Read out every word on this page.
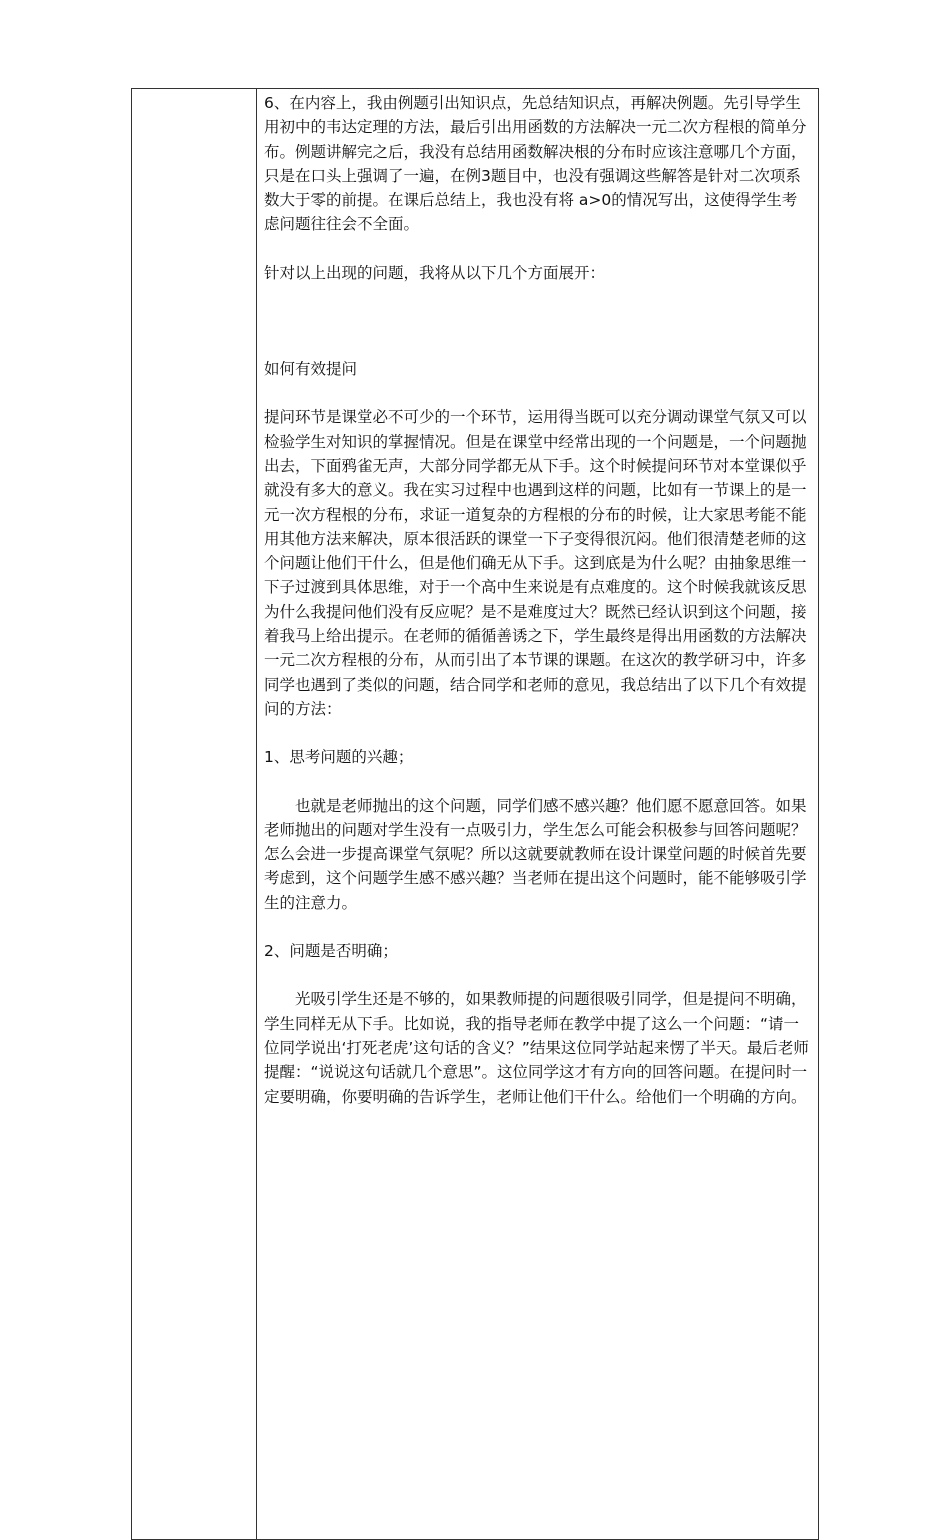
6、在内容上，我由例题引出知识点，先总结知识点，再解决例题。先引导学生用初中的韦达定理的方法，最后引出用函数的方法解决一元二次方程根的简单分布。例题讲解完之后，我没有总结用函数解决根的分布时应该注意哪几个方面，只是在口头上强调了一遍，在例3题目中，也没有强调这些解答是针对二次项系数大于零的前提。在课后总结上，我也没有将 a>0的情况写出，这使得学生考虑问题往往会不全面。

针对以上出现的问题，我将从以下几个方面展开：

如何有效提问

提问环节是课堂必不可少的一个环节，运用得当既可以充分调动课堂气氛又可以检验学生对知识的掌握情况。但是在课堂中经常出现的一个问题是，一个问题抛出去，下面鸦雀无声，大部分同学都无从下手。这个时候提问环节对本堂课似乎就没有多大的意义。我在实习过程中也遇到这样的问题，比如有一节课上的是一元一次方程根的分布，求证一道复杂的方程根的分布的时候，让大家思考能不能用其他方法来解决，原本很活跃的课堂一下子变得很沉闷。他们很清楚老师的这个问题让他们干什么，但是他们确无从下手。这到底是为什么呢？由抽象思维一下子过渡到具体思维，对于一个高中生来说是有点难度的。这个时候我就该反思为什么我提问他们没有反应呢？是不是难度过大？既然已经认识到这个问题，接着我马上给出提示。在老师的循循善诱之下，学生最终是得出用函数的方法解决一元二次方程根的分布，从而引出了本节课的课题。在这次的教学研习中，许多同学也遇到了类似的问题，结合同学和老师的意见，我总结出了以下几个有效提问的方法：

1、思考问题的兴趣；

也就是老师抛出的这个问题，同学们感不感兴趣？他们愿不愿意回答。如果老师抛出的问题对学生没有一点吸引力，学生怎么可能会积极参与回答问题呢？怎么会进一步提高课堂气氛呢？所以这就要就教师在设计课堂问题的时候首先要考虑到，这个问题学生感不感兴趣？当老师在提出这个问题时，能不能够吸引学生的注意力。

2、问题是否明确；

光吸引学生还是不够的，如果教师提的问题很吸引同学，但是提问不明确，学生同样无从下手。比如说，我的指导老师在教学中提了这么一个问题：“请一位同学说出‘打死老虎’这句话的含义？”结果这位同学站起来愣了半天。最后老师提醒：“说说这句话就几个意思”。这位同学这才有方向的回答问题。在提问时一定要明确，你要明确的告诉学生，老师让他们干什么。给他们一个明确的方向。
